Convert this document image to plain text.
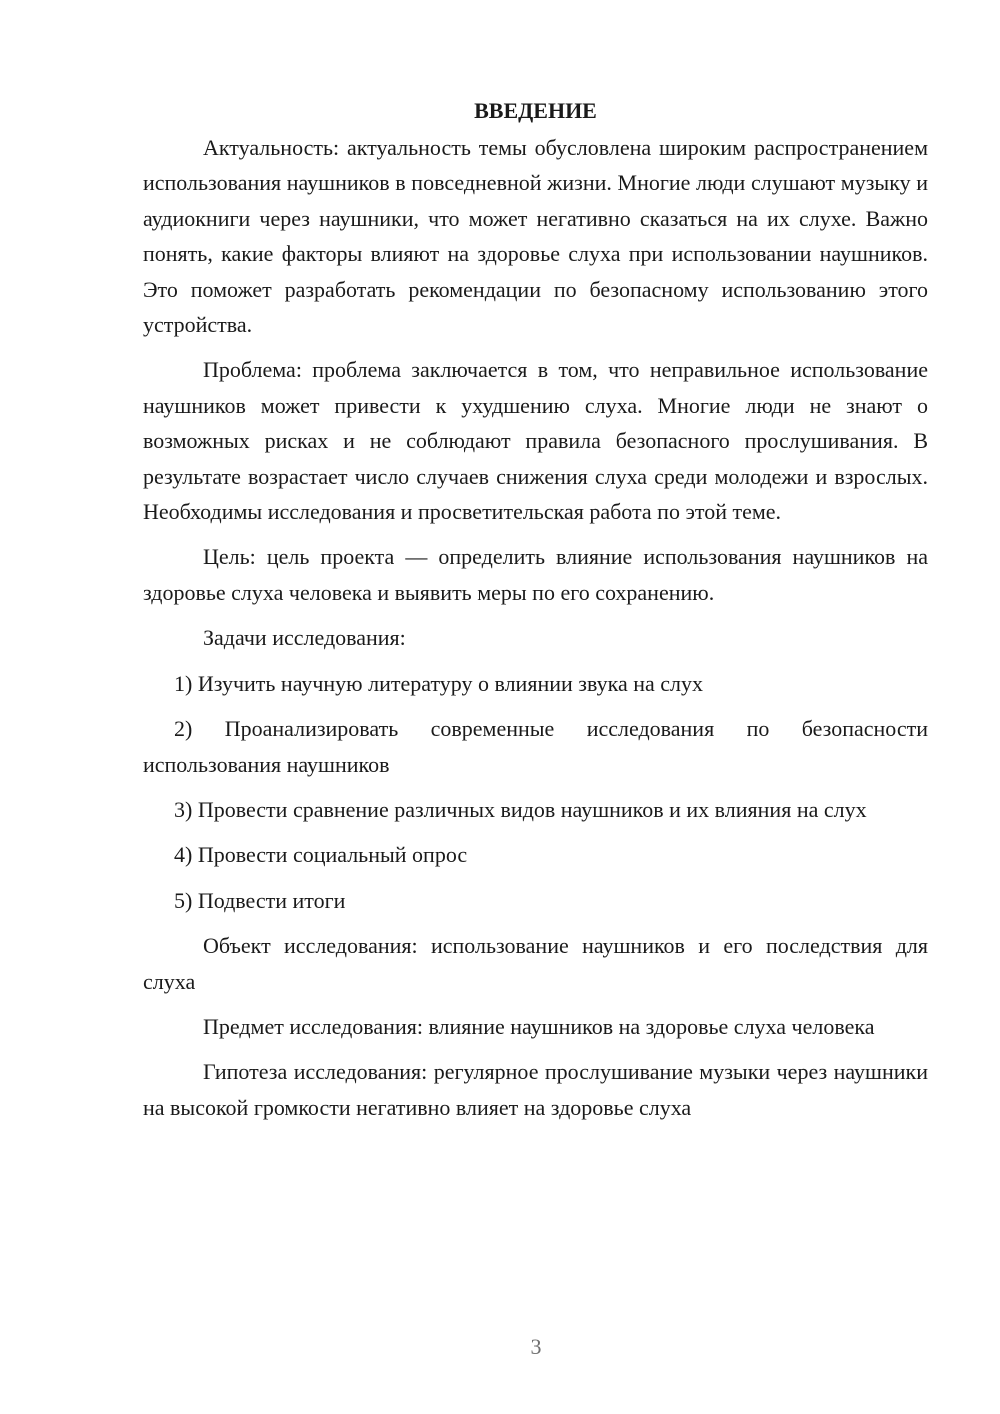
ВВЕДЕНИЕ

Актуальность: актуальность темы обусловлена широким распространением использования наушников в повседневной жизни. Многие люди слушают музыку и аудиокниги через наушники, что может негативно сказаться на их слухе. Важно понять, какие факторы влияют на здоровье слуха при использовании наушников. Это поможет разработать рекомендации по безопасному использованию этого устройства.

Проблема: проблема заключается в том, что неправильное использование наушников может привести к ухудшению слуха. Многие люди не знают о возможных рисках и не соблюдают правила безопасного прослушивания. В результате возрастает число случаев снижения слуха среди молодежи и взрослых. Необходимы исследования и просветительская работа по этой теме.

Цель: цель проекта — определить влияние использования наушников на здоровье слуха человека и выявить меры по его сохранению.

Задачи исследования:

1) Изучить научную литературу о влиянии звука на слух

2) Проанализировать современные исследования по безопасности использования наушников

3) Провести сравнение различных видов наушников и их влияния на слух

4) Провести социальный опрос

5) Подвести итоги

Объект исследования: использование наушников и его последствия для слуха

Предмет исследования: влияние наушников на здоровье слуха человека

Гипотеза исследования: регулярное прослушивание музыки через наушники на высокой громкости негативно влияет на здоровье слуха

3
